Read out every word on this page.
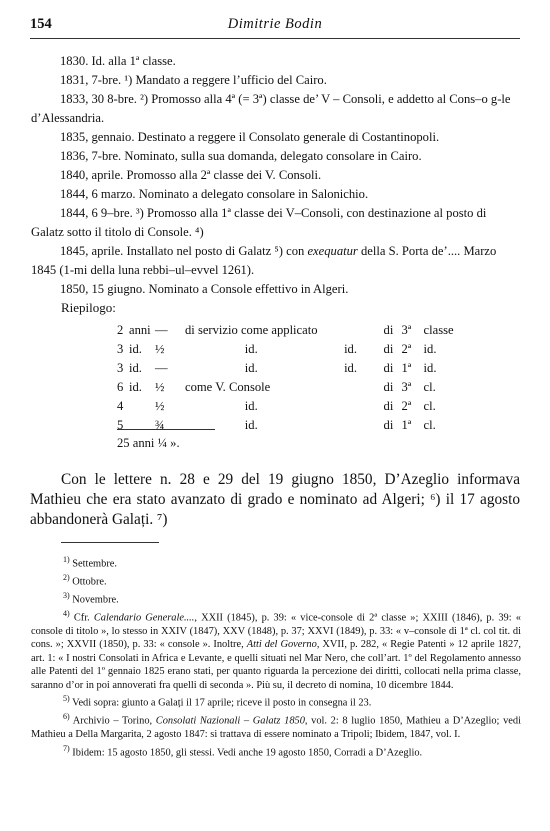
154	Dimitrie Bodin
1830. Id. alla 1ª classe.
1831, 7-bre. ¹) Mandato a reggere l’ufficio del Cairo.
1833, 30 8-bre. ²) Promosso alla 4ª (= 3ª) classe de’ V – Consoli, e addetto al Cons–o g-le d’Alessandria.
1835, gennaio. Destinato a reggere il Consolato generale di Costantinopoli.
1836, 7-bre. Nominato, sulla sua domanda, delegato consolare in Cairo.
1840, aprile. Promosso alla 2ª classe dei V. Consoli.
1844, 6 marzo. Nominato a delegato consolare in Salonichio.
1844, 6 9–bre. ³) Promosso alla 1ª classe dei V–Consoli, con destinazione al posto di Galatz sotto il titolo di Console. ⁴)
1845, aprile. Installato nel posto di Galatz ⁵) con exequatur della S. Porta de’.... Marzo 1845 (1-mi della luna rebbi–ul–evvel 1261).
1850, 15 giugno. Nominato a Console effettivo in Algeri.
Riepilogo:
2	anni	—	di servizio come applicato		di	3ª	classe
3	id.	½	id.	id.	di	2ª	id.
3	id.	—	id.	id.	di	1ª	id.
6	id.	½	come V. Console		di	3ª	cl.
4		½	id.		di	2ª	cl.
5		¾	id.		di	1ª	cl.
25 anni ¼ ».
Con le lettere n. 28 e 29 del 19 giugno 1850, D’Azeglio informava Mathieu che era stato avanzato di grado e nominato ad Algeri; ⁶) il 17 agosto abbandonerà Galați. ⁷)
$^{1)}$ Settembre.
$^{2)}$ Ottobre.
$^{3)}$ Novembre.
$^{4)}$ Cfr. Calendario Generale...., XXII (1845), p. 39: « vice-console di 2ª classe »; XXIII (1846), p. 39: « console di titolo », lo stesso in XXIV (1847), XXV (1848), p. 37; XXVI (1849), p. 33: « v–console di 1ª cl. col tit. di cons. »; XXVII (1850), p. 33: « console ». Inoltre, Atti del Governo, XVII, p. 282, « Regie Patenti » 12 aprile 1827, art. 1: « I nostri Consolati in Africa e Levante, e quelli situati nel Mar Nero, che coll’art. 1º del Regolamento annesso alle Patenti del 1º gennaio 1825 erano stati, per quanto riguarda la percezione dei diritti, collocati nella prima classe, saranno d’or in poi annoverati fra quelli di seconda ». Più su, il decreto di nomina, 10 dicembre 1844.
$^{5)}$ Vedi sopra: giunto a Galați il 17 aprile; riceve il posto in consegna il 23.
$^{6)}$ Archivio – Torino, Consolati Nazionali – Galatz 1850, vol. 2: 8 luglio 1850, Mathieu a D’Azeglio; vedi Mathieu a Della Margarita, 2 agosto 1847: si trattava di essere nominato a Tripoli; Ibidem, 1847, vol. I.
$^{7)}$ Ibidem: 15 agosto 1850, gli stessi. Vedi anche 19 agosto 1850, Corradi a D’Azeglio.
